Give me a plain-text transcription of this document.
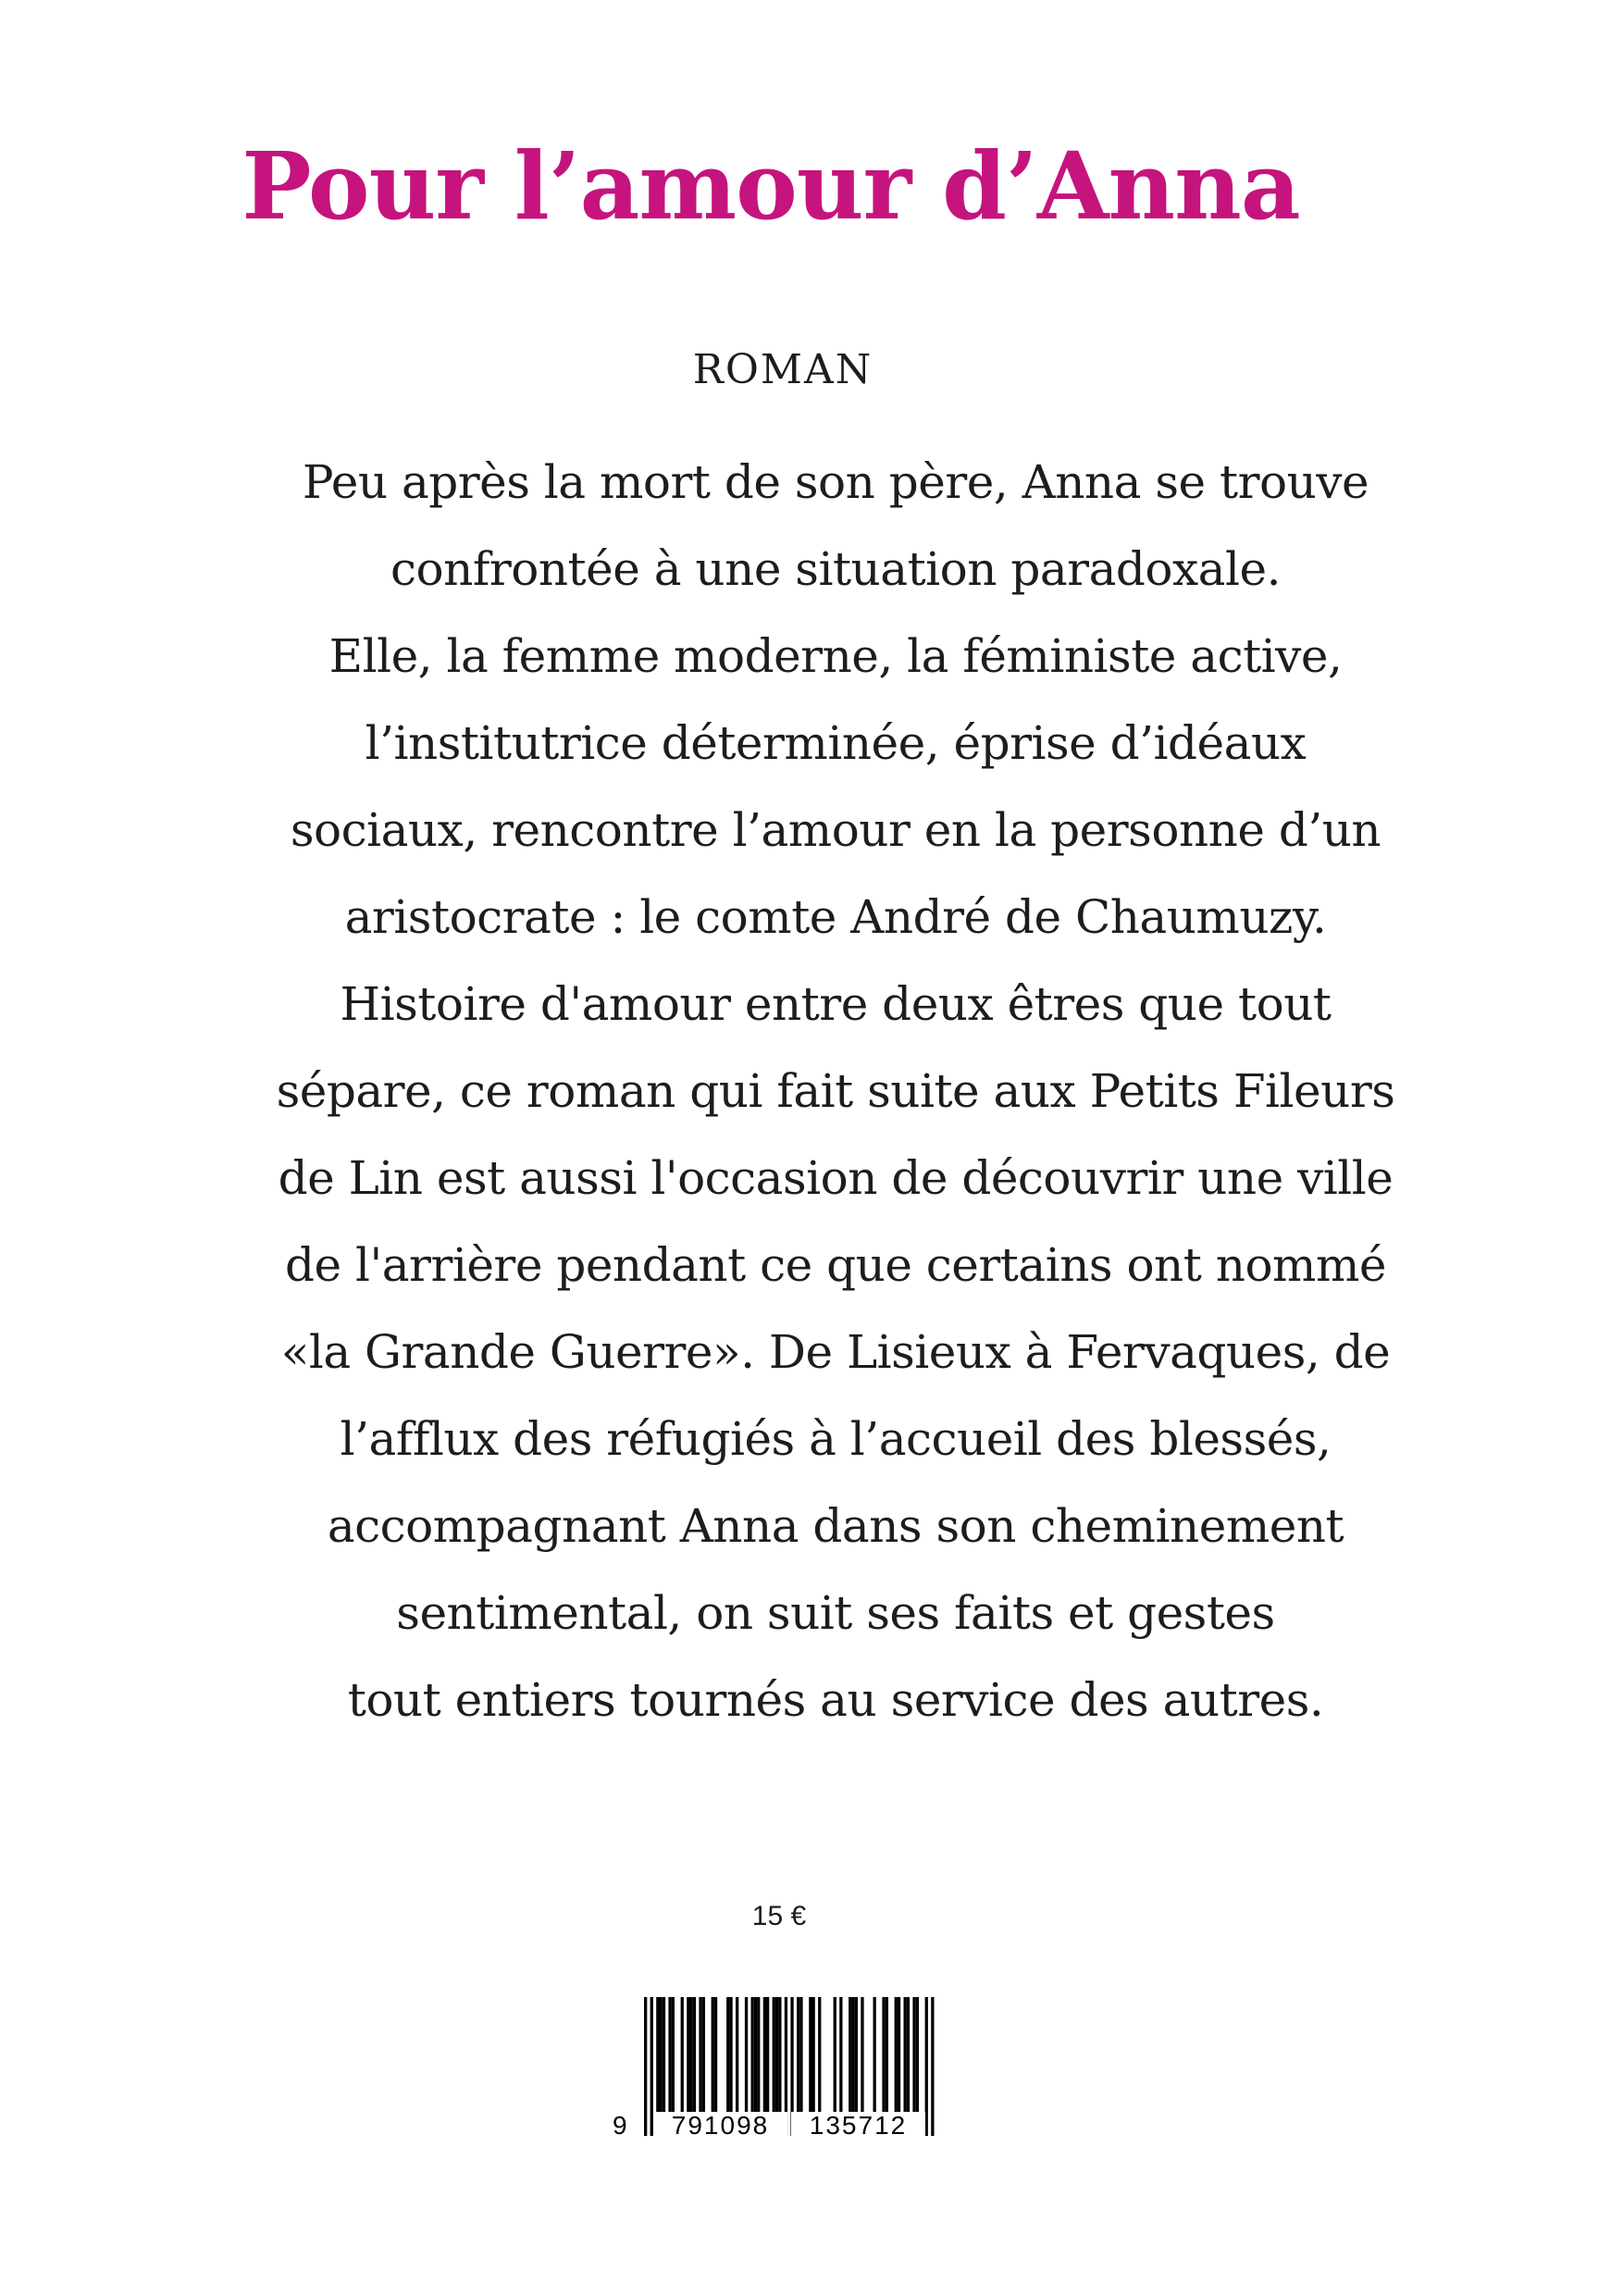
Pour l’amour d’Anna
ROMAN
Peu après la mort de son père, Anna se trouve
confrontée à une situation paradoxale.
Elle, la femme moderne, la féministe active,
l’institutrice déterminée, éprise d’idéaux
sociaux, rencontre l’amour en la personne d’un
aristocrate : le comte André de Chaumuzy.
Histoire d'amour entre deux êtres que tout
sépare, ce roman qui fait suite aux Petits Fileurs
de Lin est aussi l'occasion de découvrir une ville
de l'arrière pendant ce que certains ont nommé
«la Grande Guerre». De Lisieux à Fervaques, de
l’afflux des réfugiés à l’accueil des blessés,
accompagnant Anna dans son cheminement
sentimental, on suit ses faits et gestes
tout entiers tournés au service des autres.
15 €
9	791098	135712
